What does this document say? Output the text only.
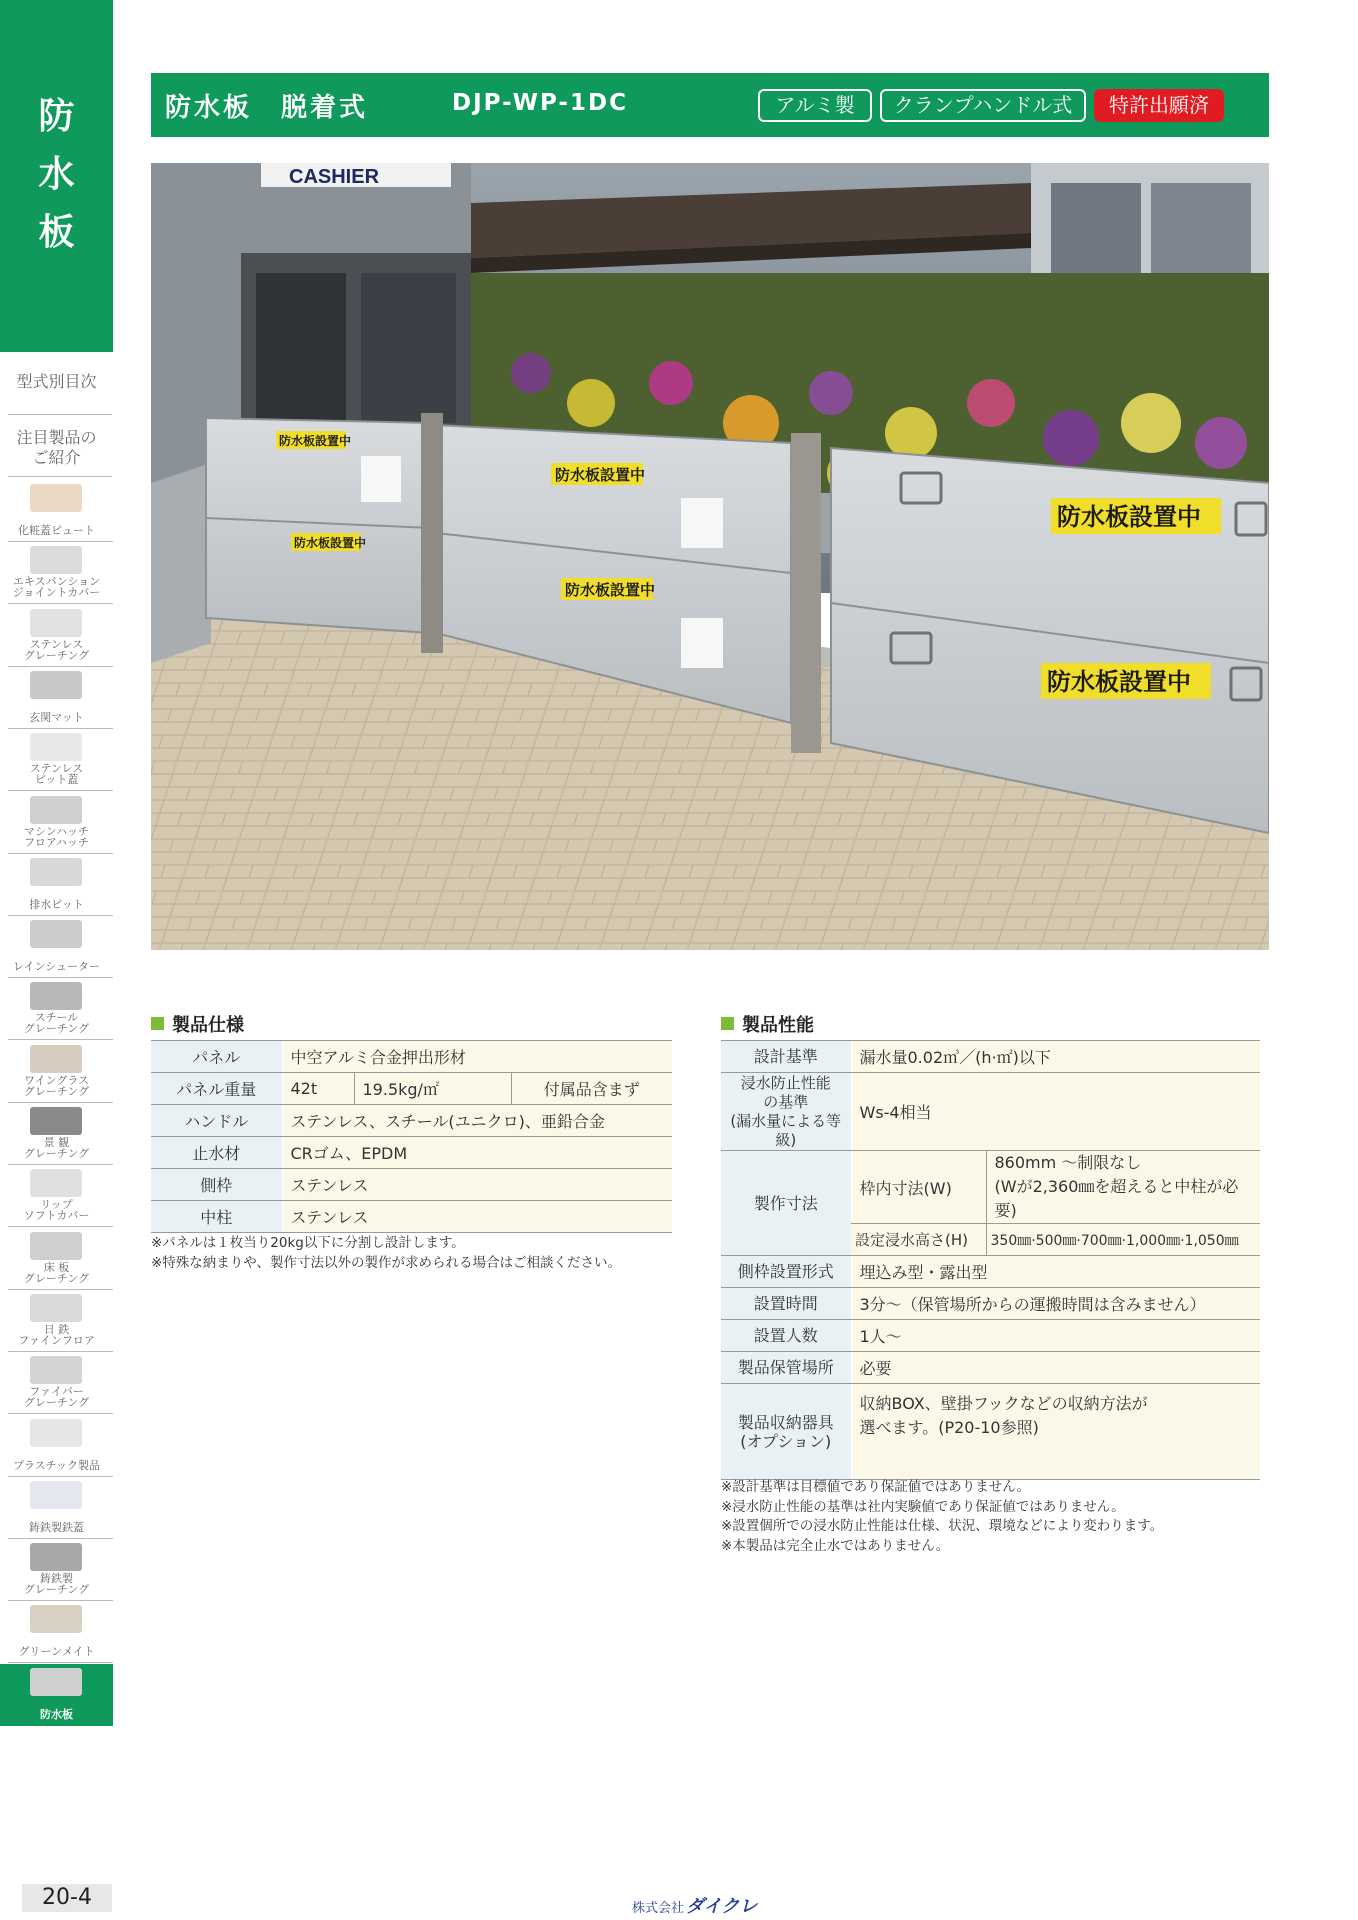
防
水
板
型式別目次
注目製品の
ご紹介
化粧蓋ピュート
エキスパンション
ジョイントカバー
ステンレス
グレーチング
玄関マット
ステンレス
ピット蓋
マシンハッチ
フロアハッチ
排水ピット
レインシューター
スチール
グレーチング
ワイングラス
グレーチング
景 観
グレーチング
リップ
ソフトカバー
床 板
グレーチング
日 鉄
ファインフロア
ファイバー
グレーチング
プラスチック製品
鋳鉄製鉄蓋
鋳鉄製
グレーチング
グリーンメイト
防水板
防水板　脱着式	DJP-WP-1DC	アルミ製	クランプハンドル式	特許出願済
CASHIER
防水板設置中
防水板設置中
防水板設置中
防水板設置中
防水板設置中
防水板設置中
製品仕様
パネル	中空アルミ合金押出形材		
パネル重量	42t	19.5kg/㎡	付属品含まず
ハンドル	ステンレス、スチール(ユニクロ)、亜鉛合金		
止水材	CRゴム、EPDM		
側枠	ステンレス		
中柱	ステンレス		
※パネルは１枚当り20kg以下に分割し設計します。
※特殊な納まりや、製作寸法以外の製作が求められる場合はご相談ください。
製品性能
設計基準	漏水量0.02㎥／(h·㎡)以下	
浸水防止性能
の基準
(漏水量による等級)	Ws-4相当	
製作寸法	枠内寸法(W)	860mm ～制限なし
(Wが2,360㎜を超えると中柱が必要)
	設定浸水高さ(H)	350㎜·500㎜·700㎜·1,000㎜·1,050㎜
側枠設置形式	埋込み型・露出型	
設置時間	3分～（保管場所からの運搬時間は含みません）	
設置人数	1人～	
製品保管場所	必要	
製品収納器具
(オプション)	収納BOX、壁掛フックなどの収納方法が
選べます。(P20-10参照)	
※設計基準は目標値であり保証値ではありません。
※浸水防止性能の基準は社内実験値であり保証値ではありません。
※設置個所での浸水防止性能は仕様、状況、環境などにより変わります。
※本製品は完全止水ではありません。
20-4	株式会社 ダイクレ
